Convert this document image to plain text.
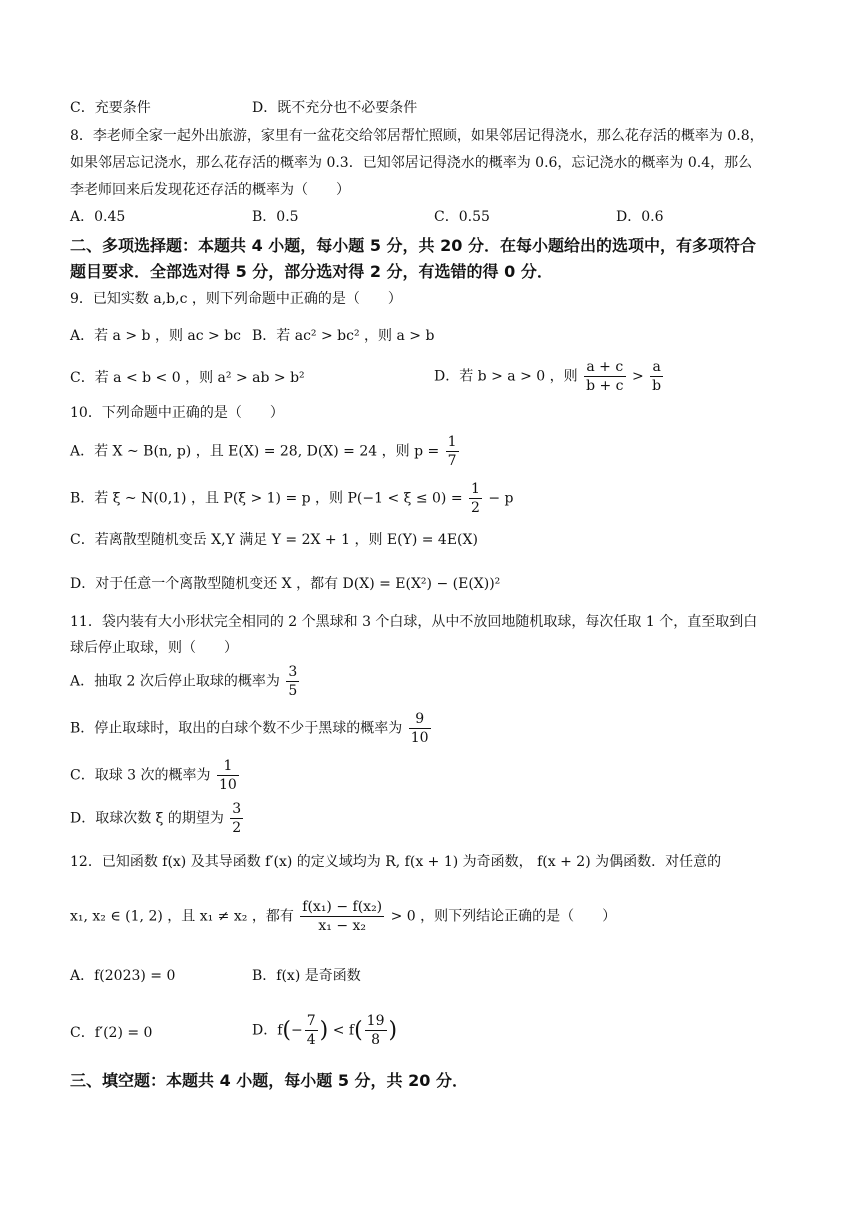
C．充要条件	D．既不充分也不必要条件
8．李老师全家一起外出旅游，家里有一盆花交给邻居帮忙照顾，如果邻居记得浇水，那么花存活的概率为 0.8，
如果邻居忘记浇水，那么花存活的概率为 0.3．已知邻居记得浇水的概率为 0.6，忘记浇水的概率为 0.4，那么
李老师回来后发现花还存活的概率为（　　）
A．0.45	B．0.5	C．0.55	D．0.6
二、多项选择题：本题共 4 小题，每小题 5 分，共 20 分．在每小题给出的选项中，有多项符合
题目要求．全部选对得 5 分，部分选对得 2 分，有选错的得 0 分．
9．已知实数 a,b,c ，则下列命题中正确的是（　　）
A．若 a > b ，则 ac > bc B．若 ac² > bc² ，则 a > b
C．若 a < b < 0 ，则 a² > ab > b²	D．若 b > a > 0 ，则 $\frac{a + c}{b + c} > \frac{a}{b}$
10．下列命题中正确的是（　　）
A．若 X ~ B(n, p) ，且 E(X) = 28, D(X) = 24 ，则 $p = \frac{1}{7}$
B．若 ξ ~ N(0,1) ，且 P(ξ > 1) = p ，则 $P(-1 < \xi \le 0) = \frac{1}{2} - p$
C．若离散型随机变岳 X,Y 满足 Y = 2X + 1 ，则 E(Y) = 4E(X)
D．对于任意一个离散型随机变还 X ，都有 D(X) = E(X²) − (E(X))²
11．袋内装有大小形状完全相同的 2 个黑球和 3 个白球，从中不放回地随机取球，每次任取 1 个，直至取到白
球后停止取球，则（　　）
A．抽取 2 次后停止取球的概率为 $\frac{3}{5}$
B．停止取球时，取出的白球个数不少于黑球的概率为 $\frac{9}{10}$
C．取球 3 次的概率为 $\frac{1}{10}$
D．取球次数 ξ 的期望为 $\frac{3}{2}$
12．已知函数 f(x) 及其导函数 f′(x) 的定义域均为 R, f(x + 1) 为奇函数， f(x + 2) 为偶函数．对任意的
x₁, x₂ ∈ (1, 2) ，且 x₁ ≠ x₂ ，都有 $\frac{\text{f(x₁) − f(x₂)}}{\text{x₁ − x₂}} > 0$ ，则下列结论正确的是（　　）
A．f(2023) = 0	B．f(x) 是奇函数
C．f′(2) = 0	D．$f(- \frac{7}{4}$ ) < $f( \frac{19}{8}$ )
三、填空题：本题共 4 小题，每小题 5 分，共 20 分．
